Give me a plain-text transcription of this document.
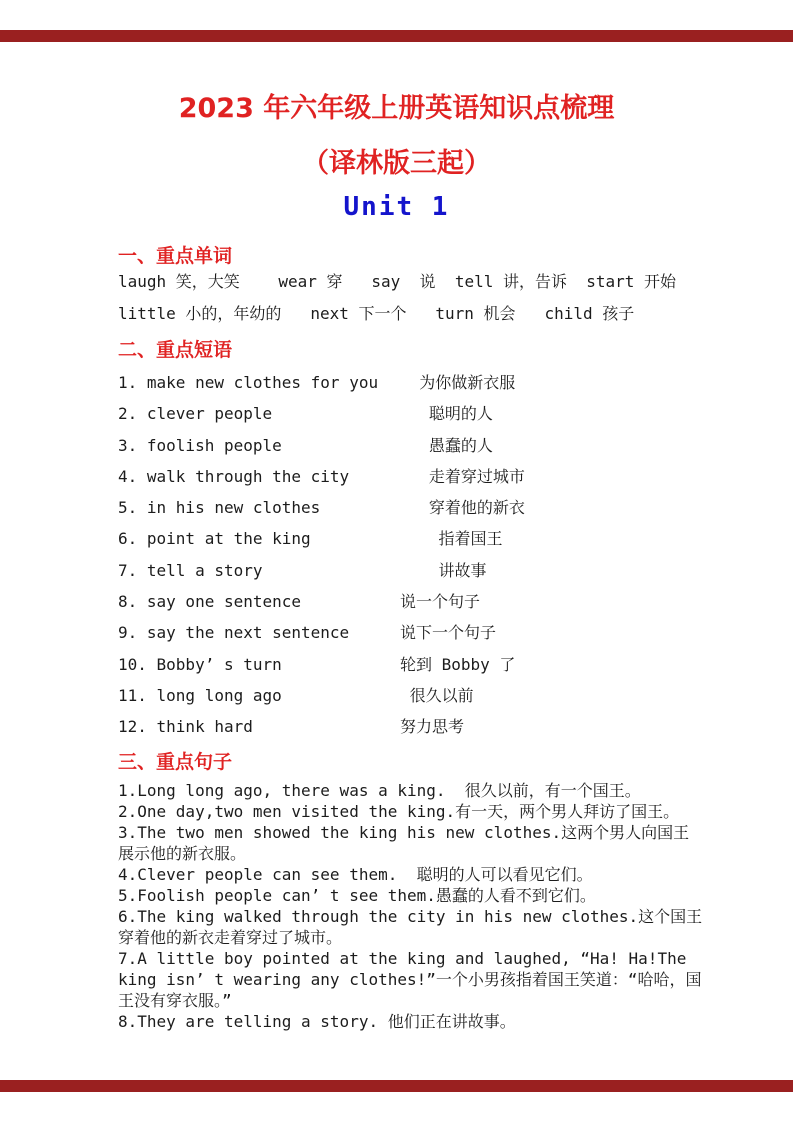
2023 年六年级上册英语知识点梳理
（译林版三起）
Unit 1
一、重点单词
laugh 笑，大笑    wear 穿   say  说  tell 讲，告诉  start 开始
little 小的，年幼的   next 下一个   turn 机会   child 孩子
二、重点短语
1. make new clothes for you	为你做新衣服
2. clever people	聪明的人
3. foolish people	愚蠢的人
4. walk through the city	走着穿过城市
5. in his new clothes	穿着他的新衣
6. point at the king	指着国王
7. tell a story	讲故事
8. say one sentence	说一个句子
9. say the next sentence	说下一个句子
10. Bobby’ s turn	轮到 Bobby 了
11. long long ago	很久以前
12. think hard	努力思考
三、重点句子

1.Long long ago, there was a king.  很久以前，有一个国王。

2.One day,two men visited the king.有一天，两个男人拜访了国王。

3.The two men showed the king his new clothes.这两个男人向国王展示他的新衣服。

4.Clever people can see them.  聪明的人可以看见它们。

5.Foolish people can’ t see them.愚蠢的人看不到它们。

6.The king walked through the city in his new clothes.这个国王穿着他的新衣走着穿过了城市。

7.A little boy pointed at the king and laughed, “Ha! Ha!The king isn’ t wearing any clothes!”一个小男孩指着国王笑道：“哈哈，国王没有穿衣服。”

8.They are telling a story. 他们正在讲故事。
